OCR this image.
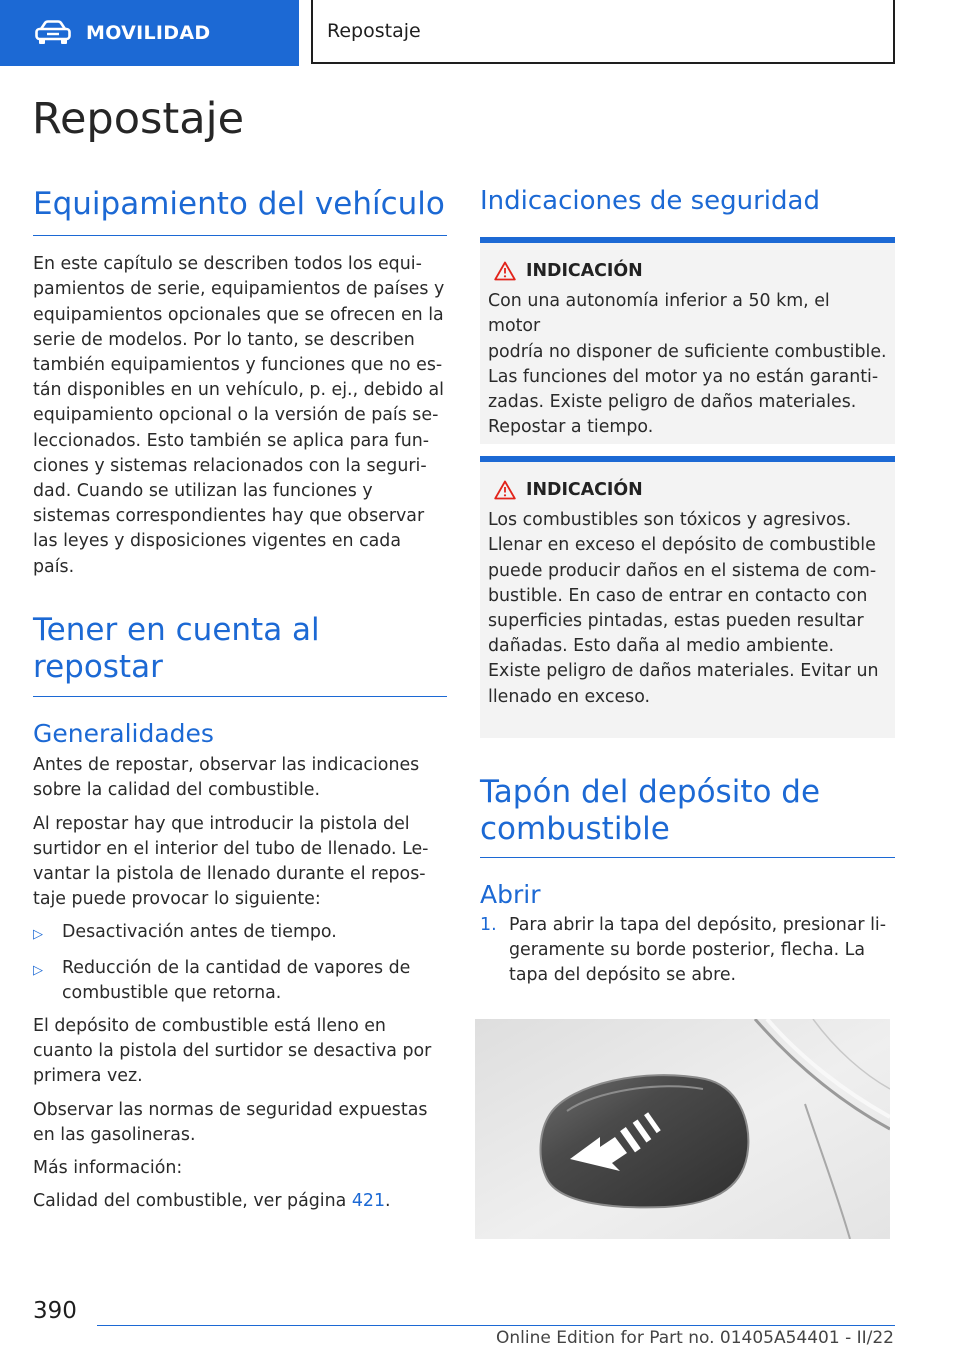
MOVILIDAD	Repostaje
Repostaje
Equipamiento del vehículo

En este capítulo se describen todos los equi‐
pamientos de serie, equipamientos de países y
equipamientos opcionales que se ofrecen en la
serie de modelos. Por lo tanto, se describen
también equipamientos y funciones que no es‐
tán disponibles en un vehículo, p. ej., debido al
equipamiento opcional o la versión de país se‐
leccionados. Esto también se aplica para fun‐
ciones y sistemas relacionados con la seguri‐
dad. Cuando se utilizan las funciones y
sistemas correspondientes hay que observar
las leyes y disposiciones vigentes en cada
país.

Tener en cuenta al repostar
Generalidades

Antes de repostar, observar las indicaciones
sobre la calidad del combustible.

Al repostar hay que introducir la pistola del
surtidor en el interior del tubo de llenado. Le‐
vantar la pistola de llenado durante el repos‐
taje puede provocar lo siguiente:

▷	Desactivación antes de tiempo.
▷	Reducción de la cantidad de vapores de
combustible que retorna.

El depósito de combustible está lleno en
cuanto la pistola del surtidor se desactiva por
primera vez.

Observar las normas de seguridad expuestas
en las gasolineras.

Más información:

Calidad del combustible, ver página 421.

Indicaciones de seguridad
INDICACIÓN

Con una autonomía inferior a 50 km, el motor
podría no disponer de suficiente combustible.
Las funciones del motor ya no están garanti‐
zadas. Existe peligro de daños materiales.
Repostar a tiempo.

INDICACIÓN

Los combustibles son tóxicos y agresivos.
Llenar en exceso el depósito de combustible
puede producir daños en el sistema de com‐
bustible. En caso de entrar en contacto con
superficies pintadas, estas pueden resultar
dañadas. Esto daña al medio ambiente.
Existe peligro de daños materiales. Evitar un
llenado en exceso.

Tapón del depósito de
combustible
Abrir
1. Para abrir la tapa del depósito, presionar li‐
geramente su borde posterior, flecha. La
tapa del depósito se abre.
390
Online Edition for Part no. 01405A54401 - II/22
